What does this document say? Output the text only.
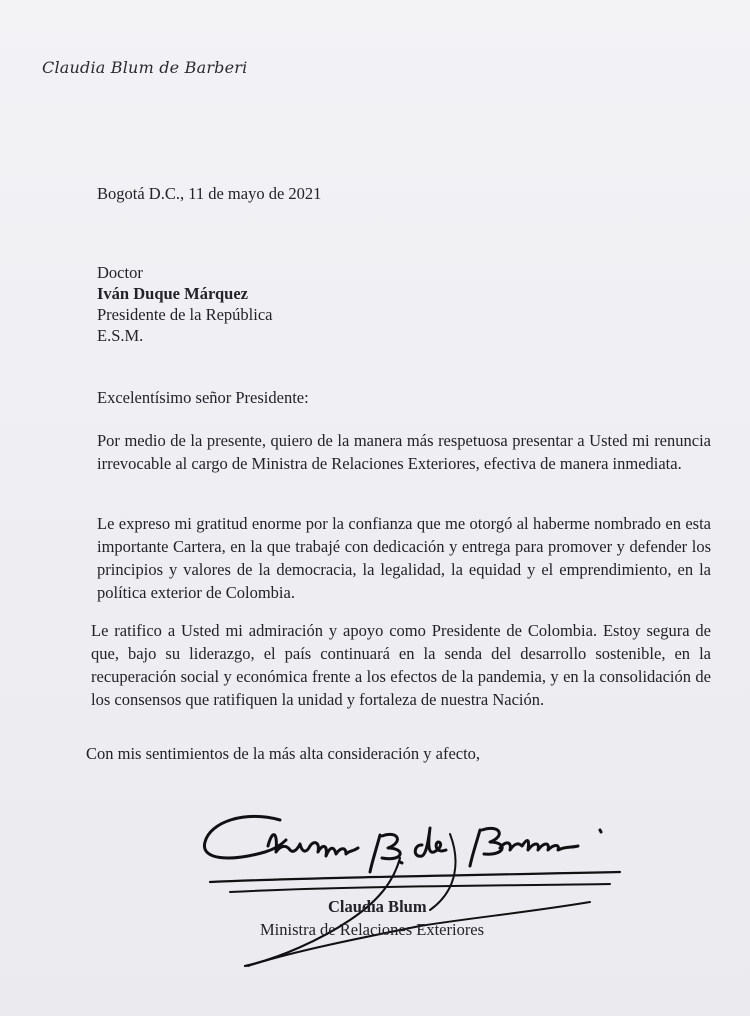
Claudia Blum de Barberi
Bogotá D.C., 11 de mayo de 2021
Doctor
Iván Duque Márquez
Presidente de la República
E.S.M.
Excelentísimo señor Presidente:
Por medio de la presente, quiero de la manera más respetuosa presentar a Usted mi renuncia irrevocable al cargo de Ministra de Relaciones Exteriores, efectiva de manera inmediata.
Le expreso mi gratitud enorme por la confianza que me otorgó al haberme nombrado en esta importante Cartera, en la que trabajé con dedicación y entrega para promover y defender los principios y valores de la democracia, la legalidad, la equidad y el emprendimiento, en la política exterior de Colombia.
Le ratifico a Usted mi admiración y apoyo como Presidente de Colombia. Estoy segura de que, bajo su liderazgo, el país continuará en la senda del desarrollo sostenible, en la recuperación social y económica frente a los efectos de la pandemia, y en la consolidación de los consensos que ratifiquen la unidad y fortaleza de nuestra Nación.
Con mis sentimientos de la más alta consideración y afecto,
Claudia Blum
Ministra de Relaciones Exteriores
